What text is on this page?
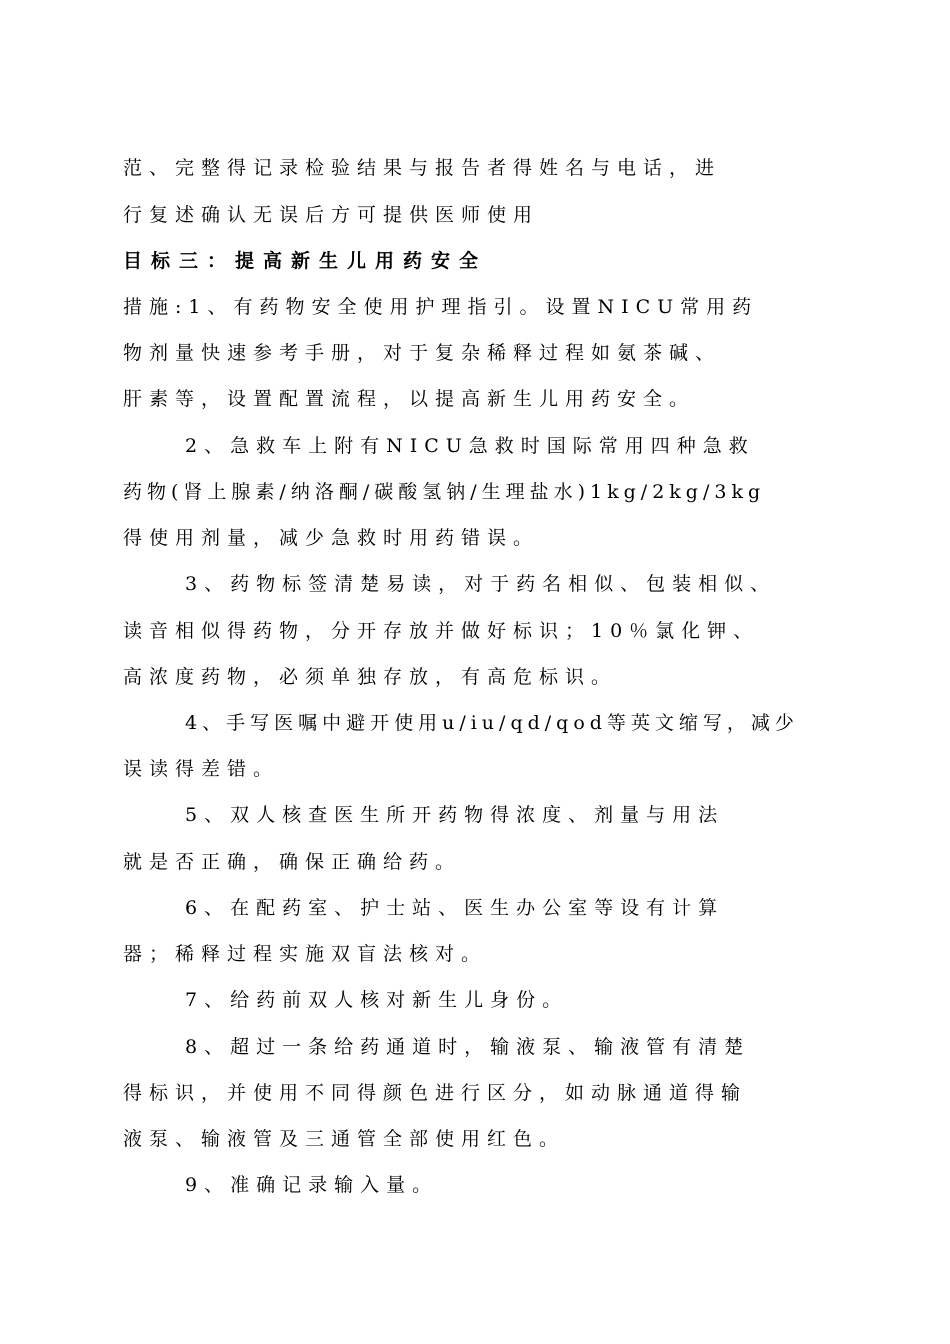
范、完整得记录检验结果与报告者得姓名与电话，进
行复述确认无误后方可提供医师使用
目标三：提高新生儿用药安全
措施:1、有药物安全使用护理指引。设置NICU常用药
物剂量快速参考手册，对于复杂稀释过程如氨茶碱、
肝素等，设置配置流程，以提高新生儿用药安全。
2、急救车上附有NICU急救时国际常用四种急救
药物(肾上腺素/纳洛酮/碳酸氢钠/生理盐水)1kg/2kg/3kg
得使用剂量，减少急救时用药错误。
3、药物标签清楚易读，对于药名相似、包装相似、
读音相似得药物，分开存放并做好标识；10％氯化钾、
高浓度药物，必须单独存放，有高危标识。
4、手写医嘱中避开使用u/iu/qd/qod等英文缩写，减少
误读得差错。
5、双人核查医生所开药物得浓度、剂量与用法
就是否正确，确保正确给药。
6、在配药室、护士站、医生办公室等设有计算
器；稀释过程实施双盲法核对。
7、给药前双人核对新生儿身份。
8、超过一条给药通道时，输液泵、输液管有清楚
得标识，并使用不同得颜色进行区分，如动脉通道得输
液泵、输液管及三通管全部使用红色。
9、准确记录输入量。
